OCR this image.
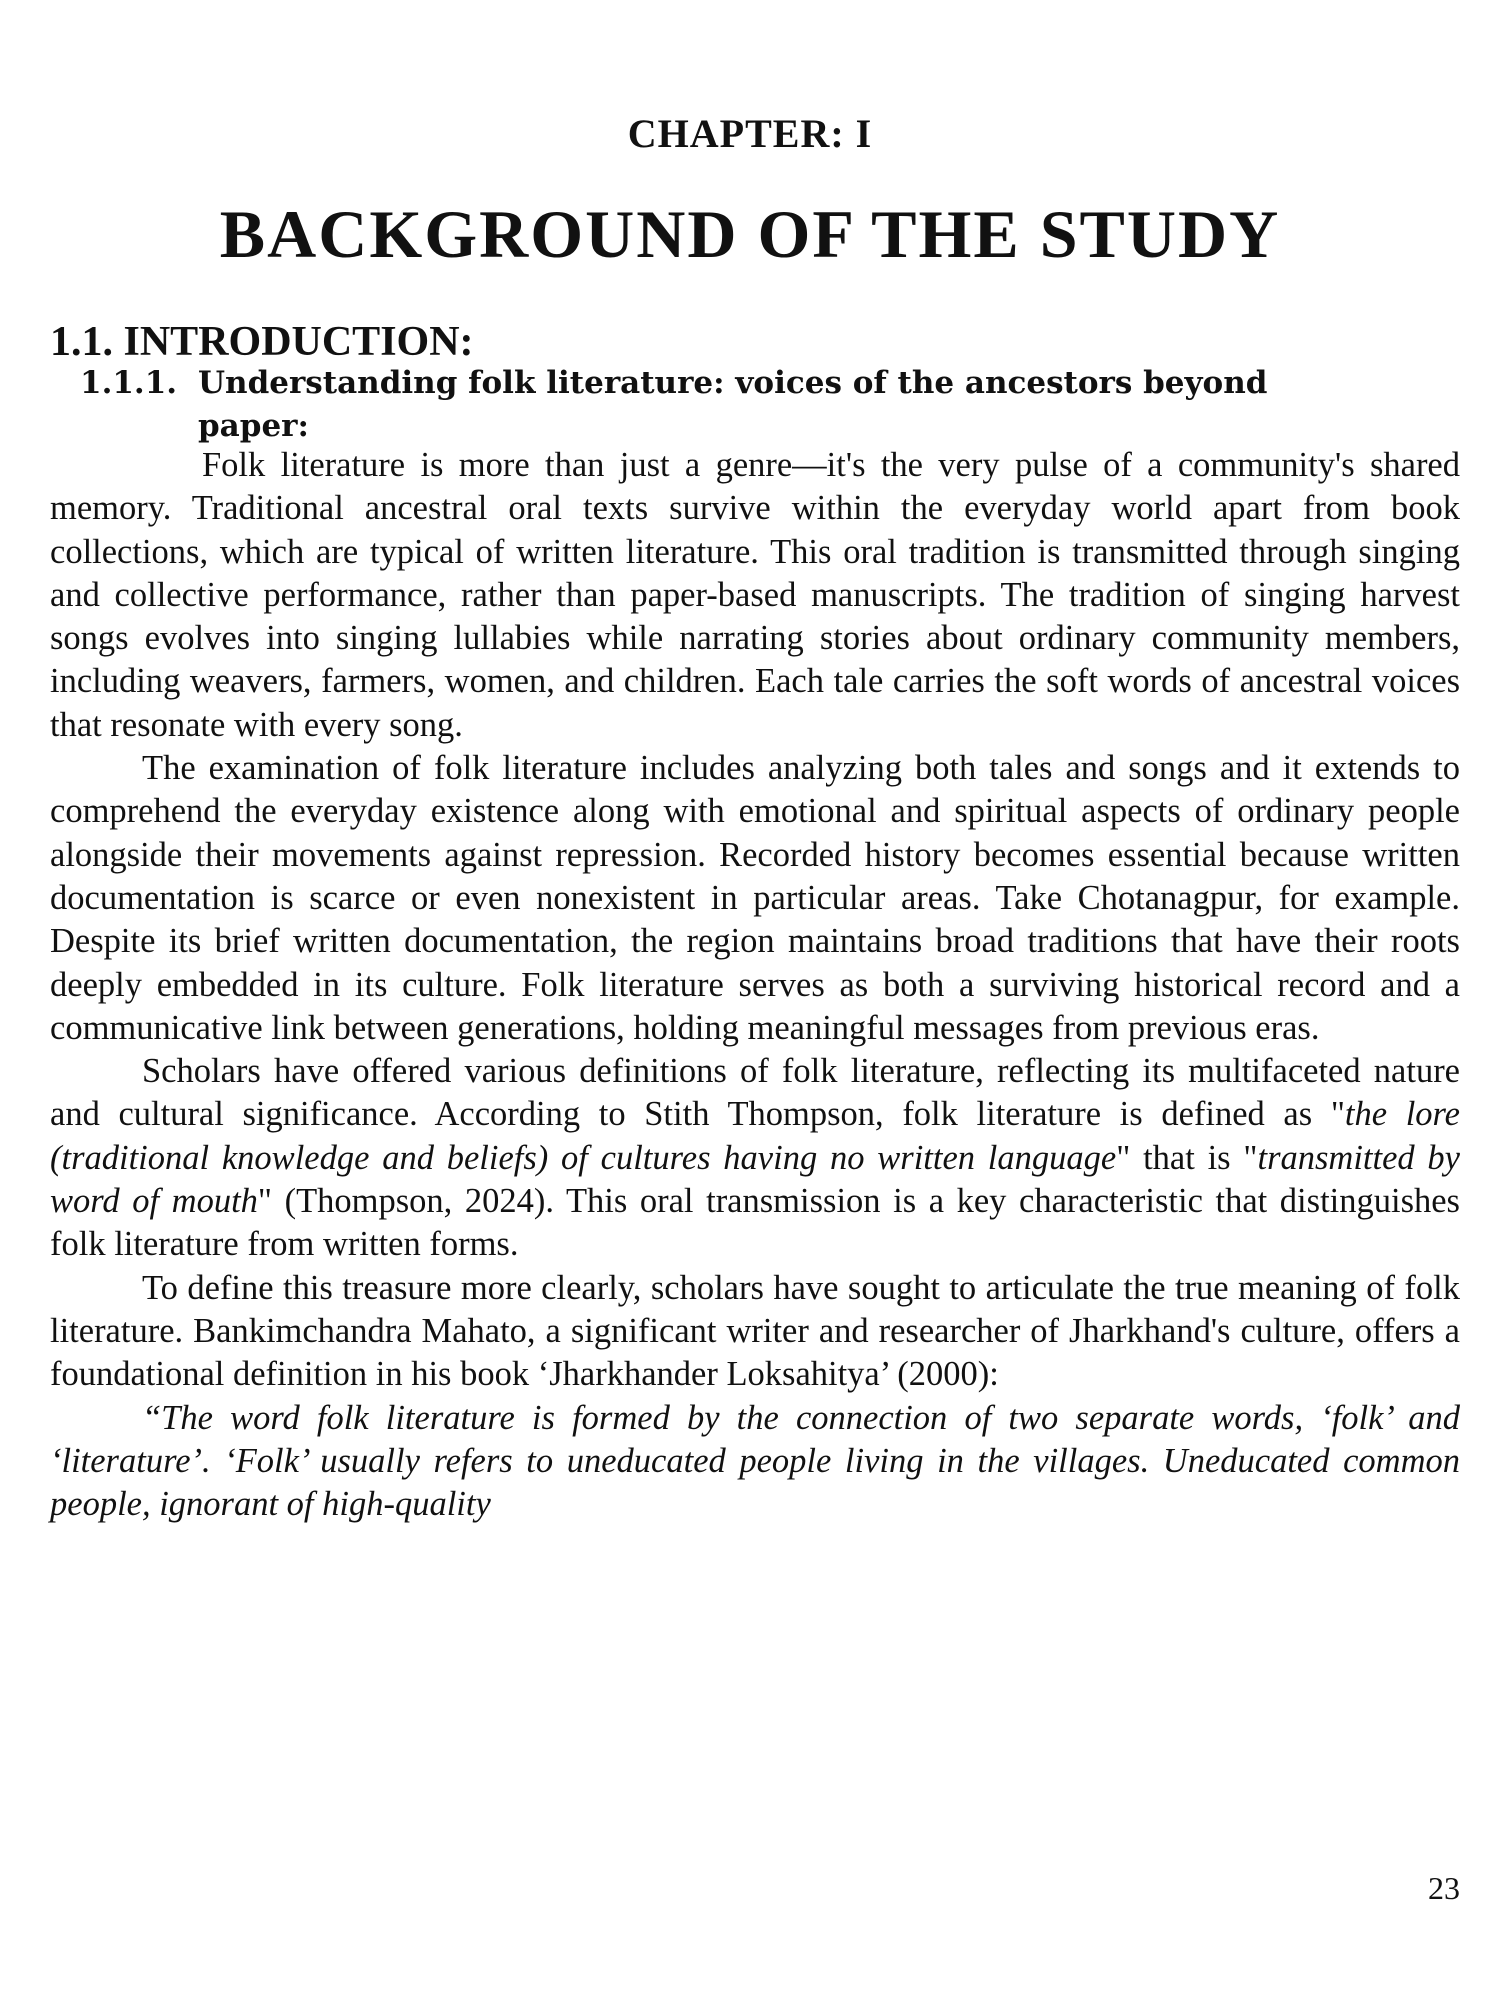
CHAPTER: I
BACKGROUND OF THE STUDY
1.1. INTRODUCTION:
1.1.1. Understanding folk literature: voices of the ancestors beyond
paper:

Folk literature is more than just a genre—it's the very pulse of a community's shared memory. Traditional ancestral oral texts survive within the everyday world apart from book collections, which are typical of written literature. This oral tradition is transmitted through singing and collective performance, rather than paper-based manuscripts. The tradition of singing harvest songs evolves into singing lullabies while narrating stories about ordinary community members, including weavers, farmers, women, and children. Each tale carries the soft words of ancestral voices that resonate with every song.

The examination of folk literature includes analyzing both tales and songs and it extends to comprehend the everyday existence along with emotional and spiritual aspects of ordinary people alongside their movements against repression. Recorded history becomes essential because written documentation is scarce or even nonexistent in particular areas. Take Chotanagpur, for example. Despite its brief written documentation, the region maintains broad traditions that have their roots deeply embedded in its culture. Folk literature serves as both a surviving historical record and a communicative link between generations, holding meaningful messages from previous eras.

Scholars have offered various definitions of folk literature, reflecting its multifaceted nature and cultural significance. According to Stith Thompson, folk literature is defined as "the lore (traditional knowledge and beliefs) of cultures having no written language" that is "transmitted by word of mouth" (Thompson, 2024). This oral transmission is a key characteristic that distinguishes folk literature from written forms.

To define this treasure more clearly, scholars have sought to articulate the true meaning of folk literature. Bankimchandra Mahato, a significant writer and researcher of Jharkhand's culture, offers a foundational definition in his book ‘Jharkhander Loksahitya’ (2000):

“The word folk literature is formed by the connection of two separate words, ‘folk’ and ‘literature’. ‘Folk’ usually refers to uneducated people living in the villages. Uneducated common people, ignorant of high-quality

23
